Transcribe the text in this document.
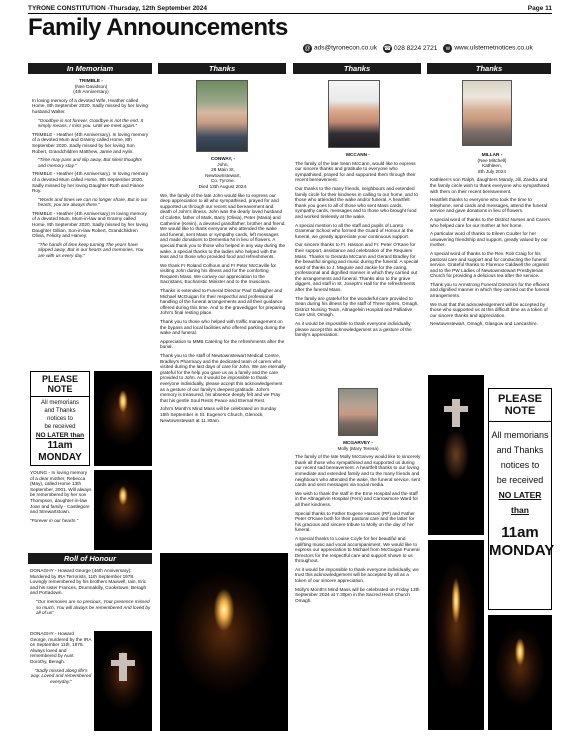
TYRONE CONSTITUTION -Thursday, 12th September 2024	Page 11
Family Announcements
@ ads@tyronecon.co.uk ☎ 028 8224 2721	w www.ulsternetnotices.co.uk
In Memoriam	Thanks	Thanks	Thanks

TRIMBLE -

(Nee Davidson)

(4th Anniversary)

In loving memory of a devoted Wife, Heather called Home, 8th September 2020. Sadly missed by her loving husband Walter.

"Goodbye is not forever, Goodbye is not the end. It simply means, I miss you. Until we meet again."

TRIMBLE - Heather (4th Anniversary). In loving memory of a devoted Mum and Granny called Home, 8th September 2020. Sadly missed by her loving Son Robert, Grandchildren Matthew, Jamie and Aylin.

"Time may pass and slip away, But silent thoughts and memory stay."

TRIMBLE - Heather (4th Anniversary). In loving memory of a devoted Mum called Home, 8th September 2020. Sadly missed by her loving Daughter Ruth and Fiance Roy.

"Words and times we can no longer share, But in our hearts, you are always there."

TRIMBLE - Heather (4th Anniversary) In loving memory of a devoted Mum, Mum-in-law and Granny called Home, 8th September 2020. Sadly missed by her loving Daughter Gillian, Son-in-law Robert, Grandchildren Olivia, Felicity and Harvey.

"The hands of time keep turning The years have slipped away, But in our hearts and memories, You are with us every day."

PLEASE NOTE
All memorians
and Thanks
notices to
be received
NO LATER than
11am MONDAY

YOUNG - In loving memory of a dear mother, Rebecca (May), called Home 13th September, 2001. Will always be remembered by her son Thompson, daughter-in-law Joan and family - Castlegore and Strewartstown.

"Forever in our hearts."

Roll of Honour

DONAGHY - Howard George (46th Anniversary): Murdered by IRA Terrorists, 11th September 1978. Lovingly remembered by his brothers Maxwell, Iain, Eric and his sister Frances, Drumnakilly, Cookstown, Beragh and Portadown.

"Our memories are so precious, Your presence missed so much, You will always be remembered And loved by all of us"

DONAGHY - Howard George, murdered by the IRA on September 11th, 1978. Always loved and remembered by Aunt Dorothy, Beragh.

"Sadly missed along life's way. Loved and remembered everyday."

CONWAY, -

John,

28 Main St,

Newtownstewart,

Co. Tyrone.

Died 13th August 2024.

We, the family of the late John would like to express our deep appreciation to all who sympathised, prayed for and supported us through our recent sad bereavement and death of John's illness. John was the dearly loved husband of Colette, father of Mark, Barry (Olivia), Peter (Maria) and Catherine (Kevin), a devoted grandfather, brother and friend. We would like to thank everyone who attended the wake and funeral, sent Mass or sympathy cards, left messages and made donations to Dementia NI in lieu of flowers. A special thank you to those who helped in any way during the wake, a special thanks to the ladies who helped with the teas and to those who provided food and refreshments.

We thank Fr Roland Colhoun and Fr Peter McCaville for visiting John during his illness and for the comforting Requiem Mass. We convey our appreciation to the Sacristans, Eucharistic Minister and to the musicians.

Thanks is extended to Funeral Director Paul Gallagher and Michael McGuigan for their respectful and professional handling of the funeral arrangements and all their guidance offered during this time. And to the gravedigger for preparing John's final resting place.

Thank you to those who helped with traffic management on the bypass and local facilities who offered parking during the wake and funeral.

Appreciation to MMB Catering for the refreshments after the burial.

Thank you to the staff of Newtownstewart Medical Centre, Bradley's Pharmacy and the dedicated team of carers who visited during the last days of care for John. We are eternally grateful for the help you gave us as a family and the care provided to John. As it would be impossible to thank everyone individually, please accept this acknowledgement as a gesture of our family's deepest gratitude. John's memory is treasured, his absence deeply felt and we Pray that his gentle Soul Rests Peace and Eternal Rest.

John's Month's Mind Mass will be celebrated on Sunday 15th September in St. Eugene's Church, Glenock, Newtownstewart at 11.30am.

MCCANN -

The family of the late Sean McCann, would like to express our sincere thanks and gratitude to everyone who sympathised, prayed for and supported them through their recent bereavement.

Our thanks to the many friends, neighbours and extended family circle for their kindness in calling to our home, and to those who attended the wake and/or funeral. A heartfelt thank you goes to all of those who sent Mass cards, sympathy cards, messages and to those who brought food and worked tirelessly at the wake.

A special mention to all the staff and pupils of Loreto Grammar School who formed the Guard of Honour at the funeral, we greatly appreciate your continuous support.

Our sincere thanks to Fr. Hasson and Fr. Peter O'Kane for their support, assistance and celebration of the Requiem Mass. Thanks to Gerarda McCann and Gerard Bradley for the beautiful singing and music during the funeral. A special word of thanks to J. Maguire and Jackie for the caring, professional and dignified manner in which they carried out the arrangements and funeral. Thanks also to the grave diggers, and staff in St. Joseph's Hall for the refreshments after the funeral Mass.

The family are grateful for the wonderful care provided to Sean during his illness by the staff of Three Spires, Omagh, District Nursing Team, Altnagelvin Hospital and Palliative Care Unit, Omagh.

As it would be impossible to thank everyone individually please accept this acknowledgement as a gesture of the family's appreciation.

MCGARVEY -

Molly (Mary Teresa)

The family of the late Molly McGarvey would like to sincerely thank all those who sympathised and supported us during our recent sad bereavement. A heartfelt thanks to our loving immediate and extended family and to the many friends and neighbours who attended the wake, the funeral service, sent cards and sent messages via social media.

We wish to thank the staff in the Erne Hospital and the staff in the Altnagelvin Hospital (Fern) and Carrowmore Ward for all their kindness.

Special thanks to Father Eugene Hasson (PP) and Father Peter O'Kane both for their pastoral care and the latter for his gracious and sincere tribute to Molly on the day of her funeral.

A special thanks to Louise Coyle for her beautiful and uplifting music and vocal accompaniment. We would like to express our appreciation to Michael from McGuigan Funeral Directors for the respectful care and support shown to us throughout.

As it would be impossible to thank everyone individually, we trust this acknowledgement will be accepted by all as a token of our sincere appreciation.

Molly's Month's Mind Mass will be celebrated on Friday 13th September 2024 at 7.30pm in the Sacred Heart Church Omagh.

MILLAR -

(Nee Mitchell)

Kathleen,

8th July 2024

Kathleen's son Ralph, daughters Mandy, Jill, Zandra and the family circle wish to thank everyone who sympathised with them on their recent bereavement.

Heartfelt thanks to everyone who took the time to telephone, send cards and messages, attend the funeral service and gave donations in lieu of flowers.

A special word of thanks to the District Nurses and Carers who helped care for our mother at her home.

A particular word of thanks to Eileen Coulter for her unwavering friendship and support, greatly valued by our mother.

A special word of thanks to the Rev. Rob Craig for his pastoral care and support and for conducting the funeral service. Grateful thanks to Florence Caldwell the organist and to the PW Ladies of Newtownstewart Presbyterian Church for providing a delicious tea after the service.

Thank you to Armstrong Funeral Directors for the efficient and dignified manner in which they carried out the funeral arrangements.

We trust that this acknowledgement will be accepted by those who supported us at this difficult time as a token of our sincere thanks and appreciation.

Newtownstewart, Omagh, Glasgow and Lancashire.

PLEASE NOTE
All memorians
and Thanks
notices to
be received
NO LATER than
11am MONDAY
